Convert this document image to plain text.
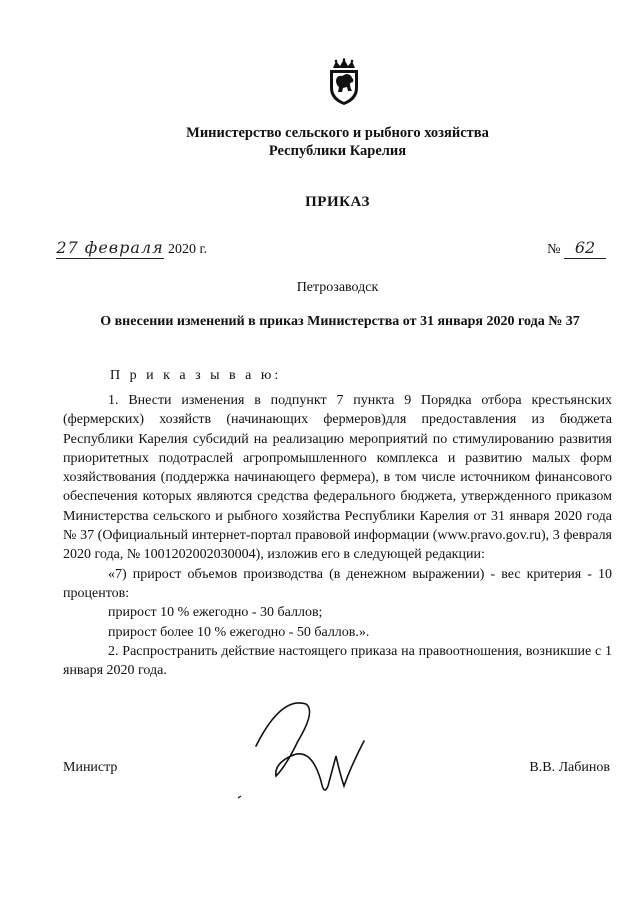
Министерство сельского и рыбного хозяйства
Республики Карелия
ПРИКАЗ
27 февраля 2020 г.	№ 62
Петрозаводск
О внесении изменений в приказ Министерства от 31 января 2020 года № 37
П р и к а з ы в а ю:

1. Внести изменения в подпункт 7 пункта 9 Порядка отбора крестьянских (фермерских) хозяйств (начинающих фермеров)для предоставления из бюджета Республики Карелия субсидий на реализацию мероприятий по стимулированию развития приоритетных подотраслей агропромышленного комплекса и развитию малых форм хозяйствования (поддержка начинающего фермера), в том числе источником финансового обеспечения которых являются средства федерального бюджета, утвержденного приказом Министерства сельского и рыбного хозяйства Республики Карелия от 31 января 2020 года № 37 (Официальный интернет-портал правовой информации (www.pravo.gov.ru), 3 февраля 2020 года, № 1001202002030004), изложив его в следующей редакции:

«7) прирост объемов производства (в денежном выражении) - вес критерия - 10 процентов:

прирост 10 % ежегодно - 30 баллов;

прирост более 10 % ежегодно - 50 баллов.».

2. Распространить действие настоящего приказа на правоотношения, возникшие с 1 января 2020 года.

Министр	В.В. Лабинов
